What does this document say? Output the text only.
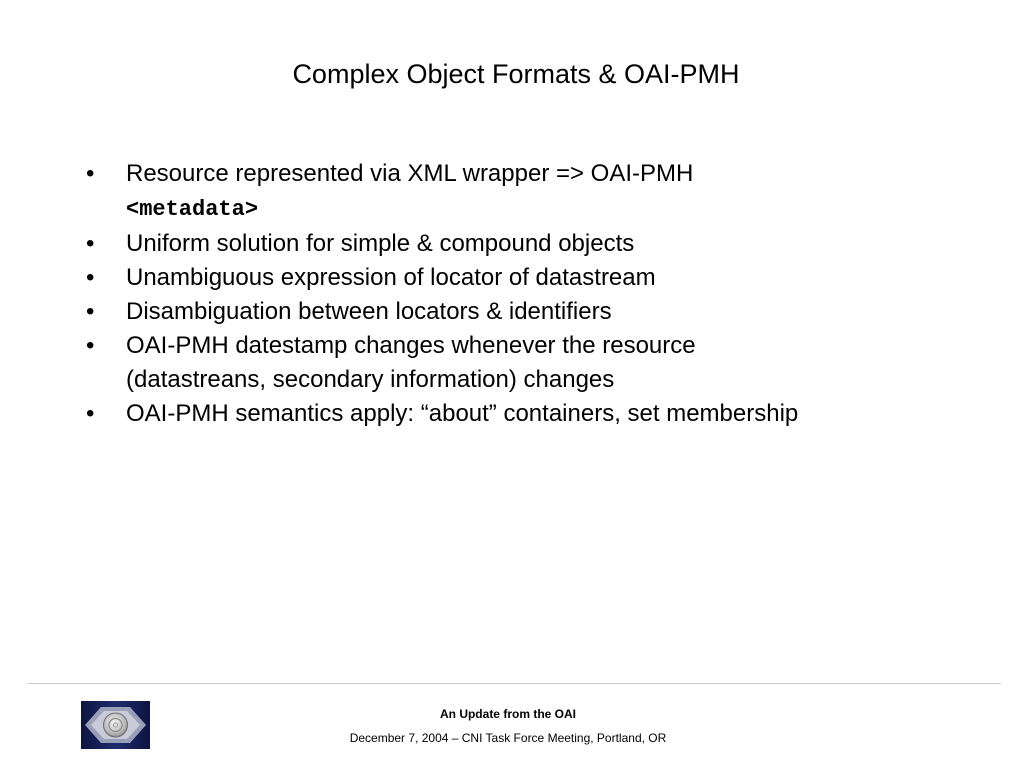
Complex Object Formats & OAI-PMH
•	Resource represented via XML wrapper => OAI-PMH
<metadata>
•	Uniform solution for simple & compound objects
•	Unambiguous expression of locator of datastream
•	Disambiguation between locators & identifiers
•	OAI-PMH datestamp changes whenever the resource
(datastreans, secondary information) changes
•	OAI-PMH semantics apply: “about” containers, set membership
An Update from the OAI
December 7, 2004 – CNI Task Force Meeting, Portland, OR
